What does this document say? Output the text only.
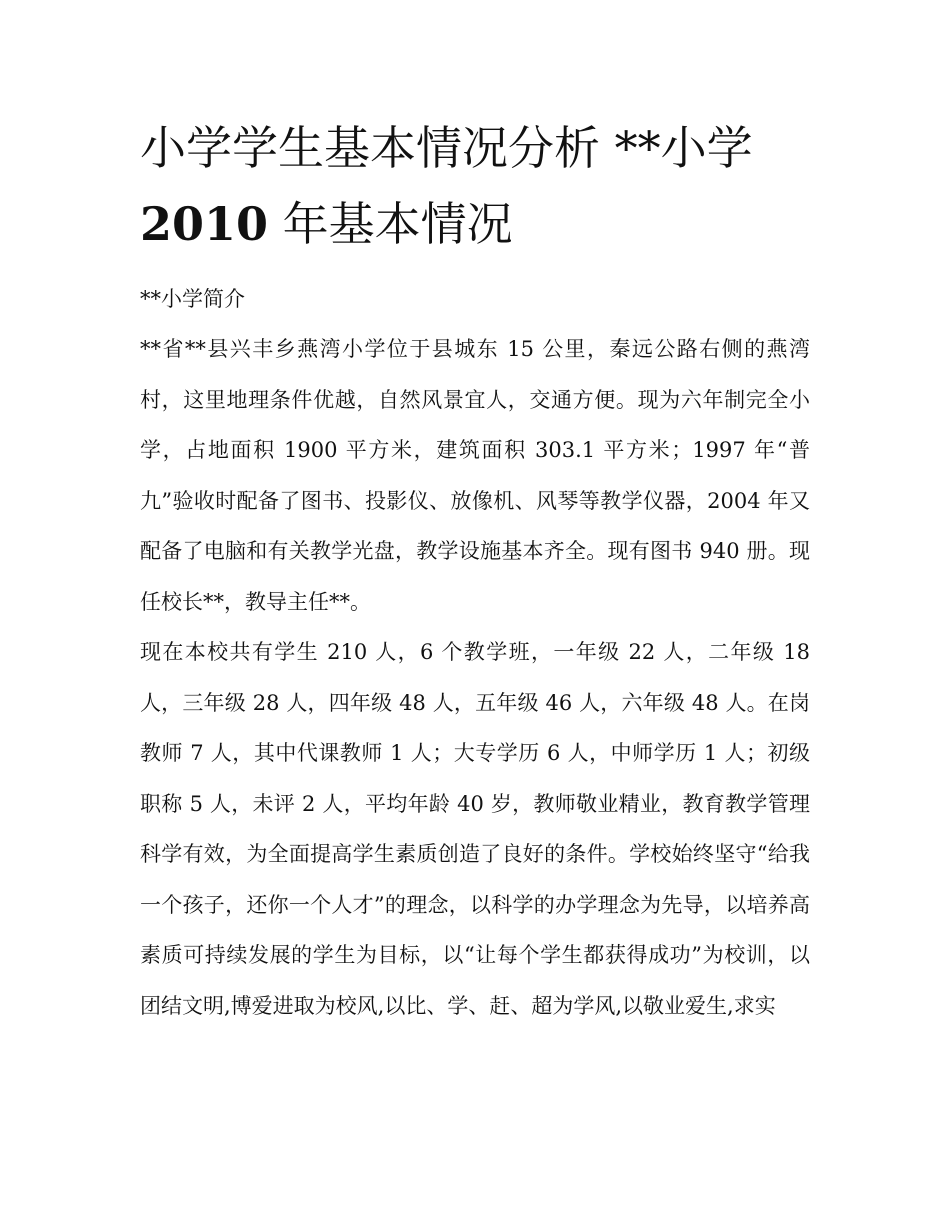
小学学生基本情况分析 **小学
2010 年基本情况

**小学简介

**省**县兴丰乡燕湾小学位于县城东 15 公里，秦远公路右侧的燕湾村，这里地理条件优越，自然风景宜人，交通方便。现为六年制完全小学，占地面积 1900 平方米，建筑面积 303.1 平方米；1997 年“普九”验收时配备了图书、投影仪、放像机、风琴等教学仪器，2004 年又配备了电脑和有关教学光盘，教学设施基本齐全。现有图书 940 册。现任校长**，教导主任**。

现在本校共有学生 210 人，6 个教学班，一年级 22 人，二年级 18 人，三年级 28 人，四年级 48 人，五年级 46 人，六年级 48 人。在岗教师 7 人，其中代课教师 1 人；大专学历 6 人，中师学历 1 人；初级职称 5 人，未评 2 人，平均年龄 40 岁，教师敬业精业，教育教学管理科学有效，为全面提高学生素质创造了良好的条件。学校始终坚守“给我一个孩子，还你一个人才”的理念，以科学的办学理念为先导，以培养高素质可持续发展的学生为目标，以“让每个学生都获得成功”为校训，以团结文明,博爱进取为校风,以比、学、赶、超为学风,以敬业爱生,求实
